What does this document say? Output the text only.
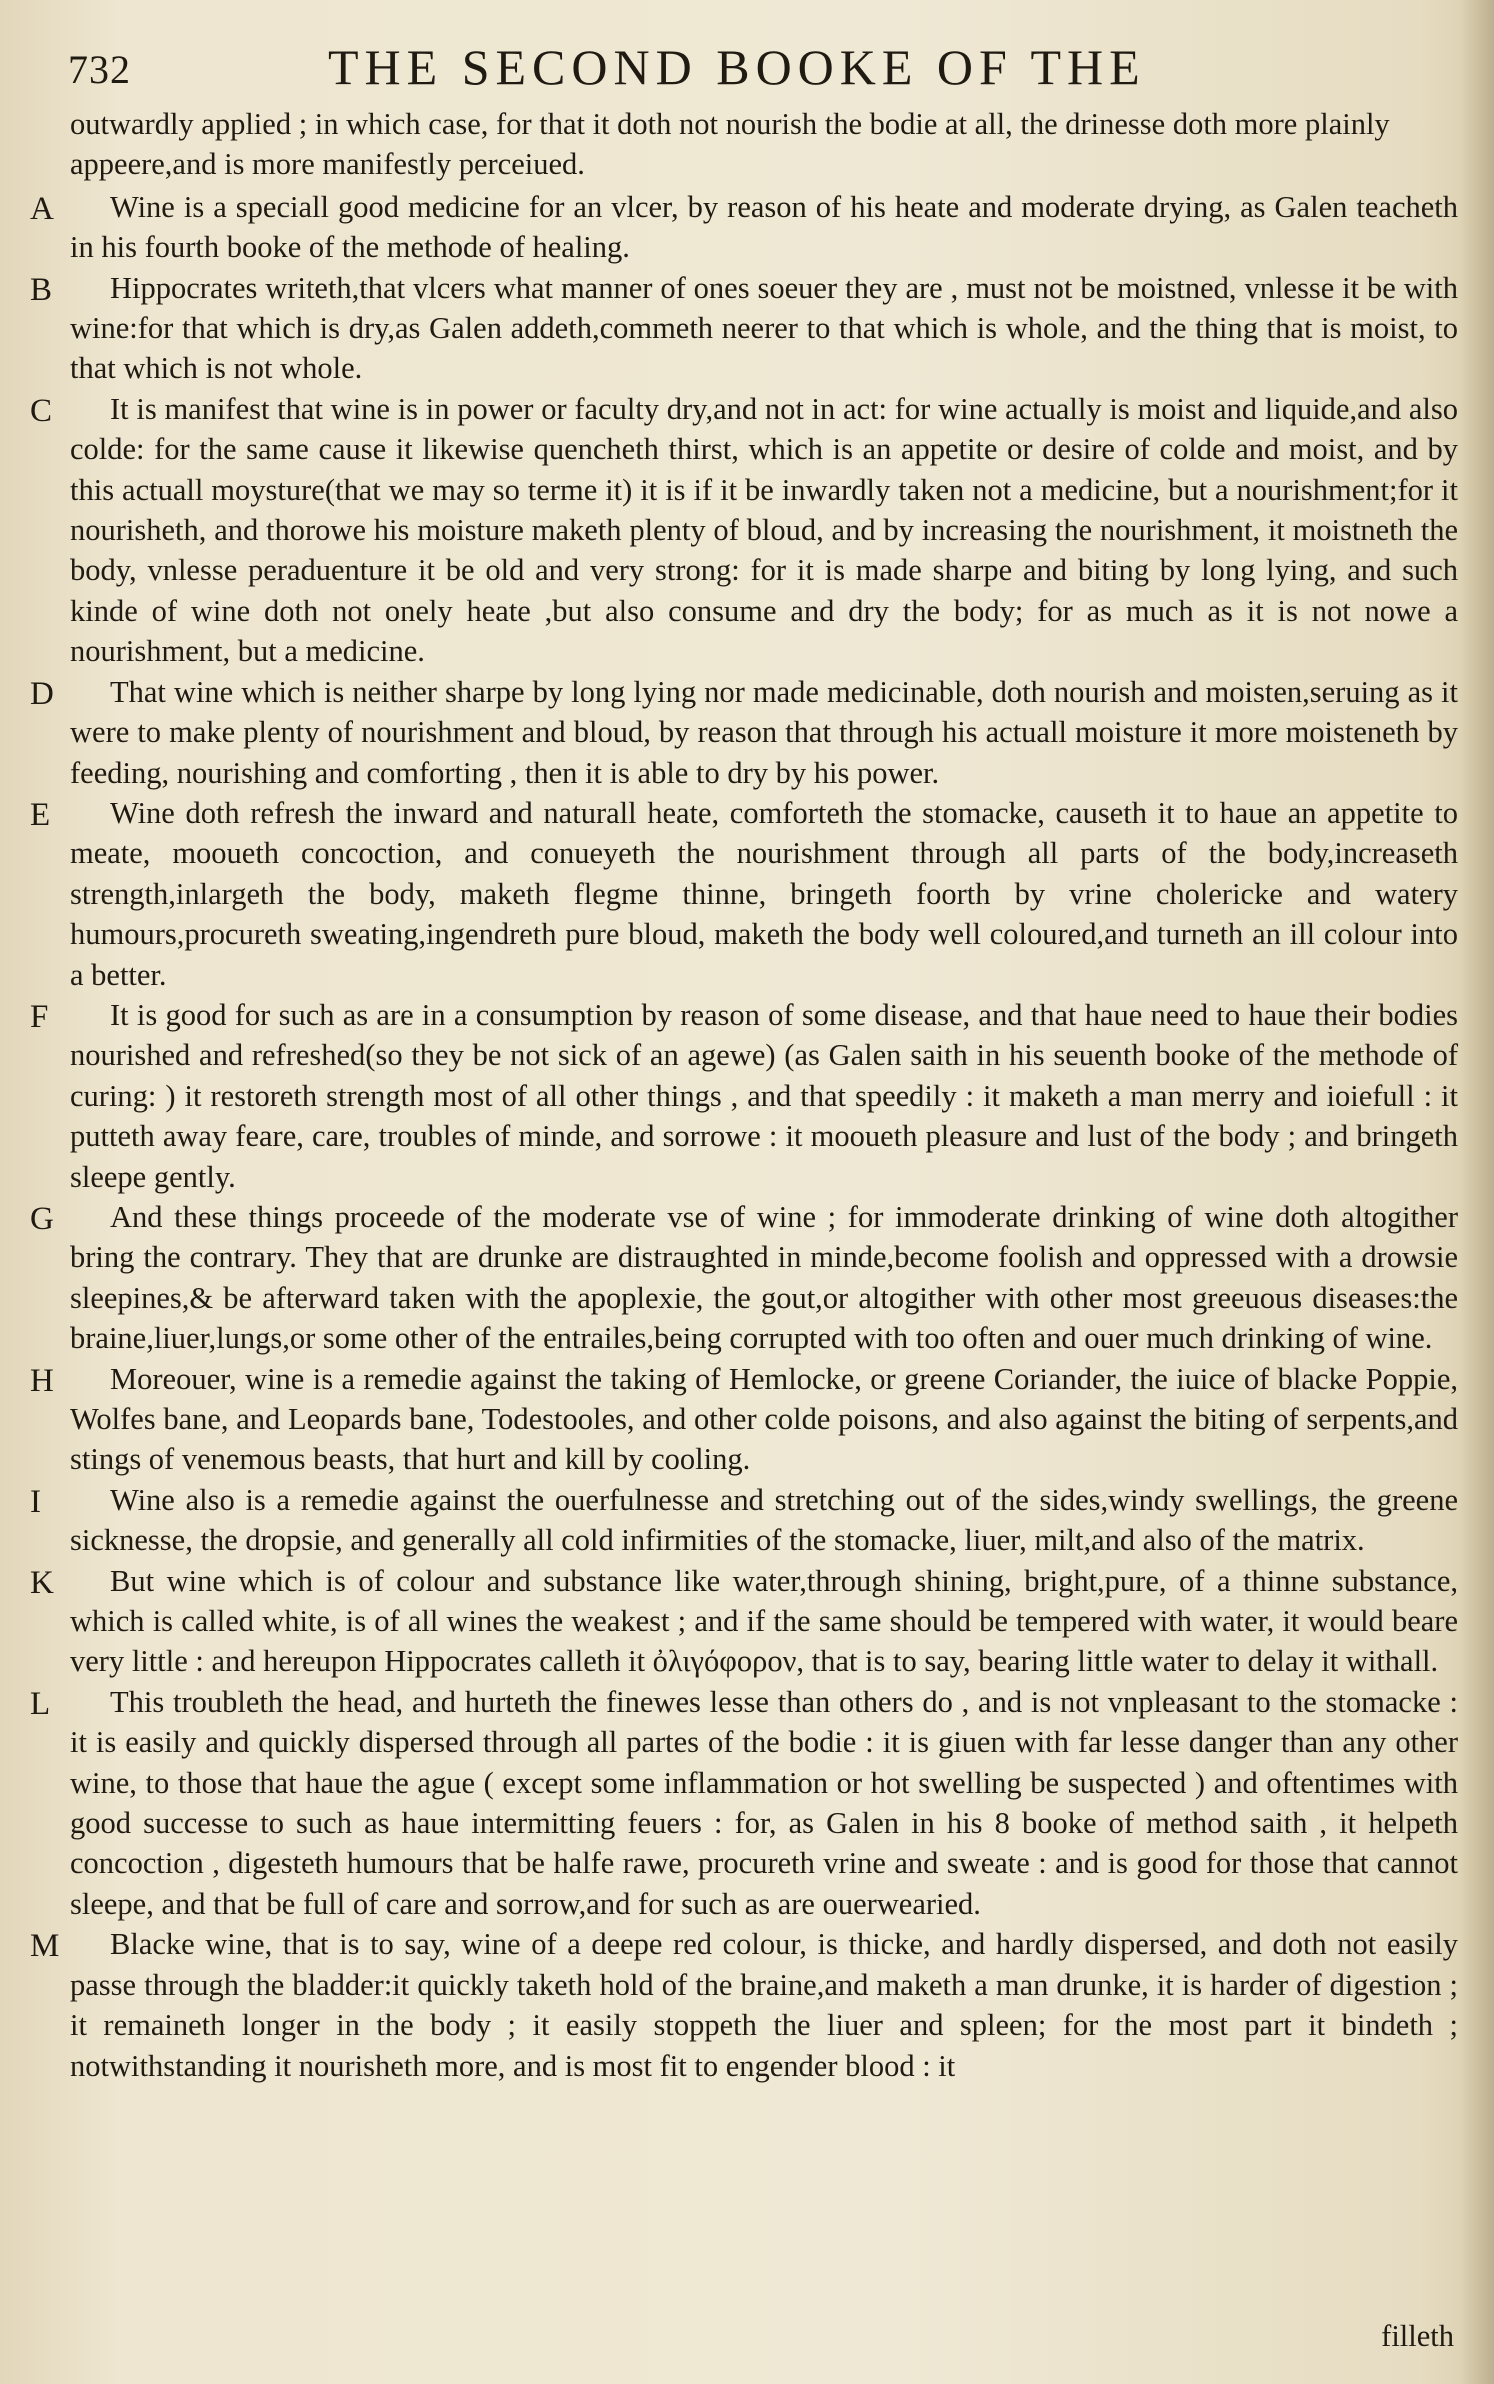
732	THE SECOND BOOKE OF THE

outwardly applied ; in which case, for that it doth not nourish the bodie at all, the drinesse doth more plainly appeere,and is more manifestly perceiued.

A Wine is a speciall good medicine for an vlcer, by reason of his heate and moderate drying, as Galen teacheth in his fourth booke of the methode of healing.

B Hippocrates writeth,that vlcers what manner of ones soeuer they are , must not be moistned, vnlesse it be with wine:for that which is dry,as Galen addeth,commeth neerer to that which is whole, and the thing that is moist, to that which is not whole.

C It is manifest that wine is in power or faculty dry,and not in act: for wine actually is moist and liquide,and also colde: for the same cause it likewise quencheth thirst, which is an appetite or desire of colde and moist, and by this actuall moysture(that we may so terme it) it is if it be inwardly taken not a medicine, but a nourishment;for it nourisheth, and thorowe his moisture maketh plenty of bloud, and by increasing the nourishment, it moistneth the body, vnlesse peraduenture it be old and very strong: for it is made sharpe and biting by long lying, and such kinde of wine doth not onely heate ,but also consume and dry the body; for as much as it is not nowe a nourishment, but a medicine.

D That wine which is neither sharpe by long lying nor made medicinable, doth nourish and moisten,seruing as it were to make plenty of nourishment and bloud, by reason that through his actuall moisture it more moisteneth by feeding, nourishing and comforting , then it is able to dry by his power.

E Wine doth refresh the inward and naturall heate, comforteth the stomacke, causeth it to haue an appetite to meate, mooueth concoction, and conueyeth the nourishment through all parts of the body,increaseth strength,inlargeth the body, maketh flegme thinne, bringeth foorth by vrine cholericke and watery humours,procureth sweating,ingendreth pure bloud, maketh the body well coloured,and turneth an ill colour into a better.

F It is good for such as are in a consumption by reason of some disease, and that haue need to haue their bodies nourished and refreshed(so they be not sick of an agewe) (as Galen saith in his seuenth booke of the methode of curing: ) it restoreth strength most of all other things , and that speedily : it maketh a man merry and ioiefull : it putteth away feare, care, troubles of minde, and sorrowe : it mooueth pleasure and lust of the body ; and bringeth sleepe gently.

G And these things proceede of the moderate vse of wine ; for immoderate drinking of wine doth altogither bring the contrary. They that are drunke are distraughted in minde,become foolish and oppressed with a drowsie sleepines,& be afterward taken with the apoplexie, the gout,or altogither with other most greeuous diseases:the braine,liuer,lungs,or some other of the entrailes,being corrupted with too often and ouer much drinking of wine.

H Moreouer, wine is a remedie against the taking of Hemlocke, or greene Coriander, the iuice of blacke Poppie, Wolfes bane, and Leopards bane, Todestooles, and other colde poisons, and also against the biting of serpents,and stings of venemous beasts, that hurt and kill by cooling.

I Wine also is a remedie against the ouerfulnesse and stretching out of the sides,windy swellings, the greene sicknesse, the dropsie, and generally all cold infirmities of the stomacke, liuer, milt,and also of the matrix.

K But wine which is of colour and substance like water,through shining, bright,pure, of a thinne substance, which is called white, is of all wines the weakest ; and if the same should be tempered with water, it would beare very little : and hereupon Hippocrates calleth it ὀλιγόφορον, that is to say, bearing little water to delay it withall.

L This troubleth the head, and hurteth the finewes lesse than others do , and is not vnpleasant to the stomacke : it is easily and quickly dispersed through all partes of the bodie : it is giuen with far lesse danger than any other wine, to those that haue the ague ( except some inflammation or hot swelling be suspected ) and oftentimes with good successe to such as haue intermitting feuers : for, as Galen in his 8 booke of method saith , it helpeth concoction , digesteth humours that be halfe rawe, procureth vrine and sweate : and is good for those that cannot sleepe, and that be full of care and sorrow,and for such as are ouerwearied.

M Blacke wine, that is to say, wine of a deepe red colour, is thicke, and hardly dispersed, and doth not easily passe through the bladder:it quickly taketh hold of the braine,and maketh a man drunke, it is harder of digestion ; it remaineth longer in the body ; it easily stoppeth the liuer and spleen; for the most part it bindeth ; notwithstanding it nourisheth more, and is most fit to engender blood : it

filleth
